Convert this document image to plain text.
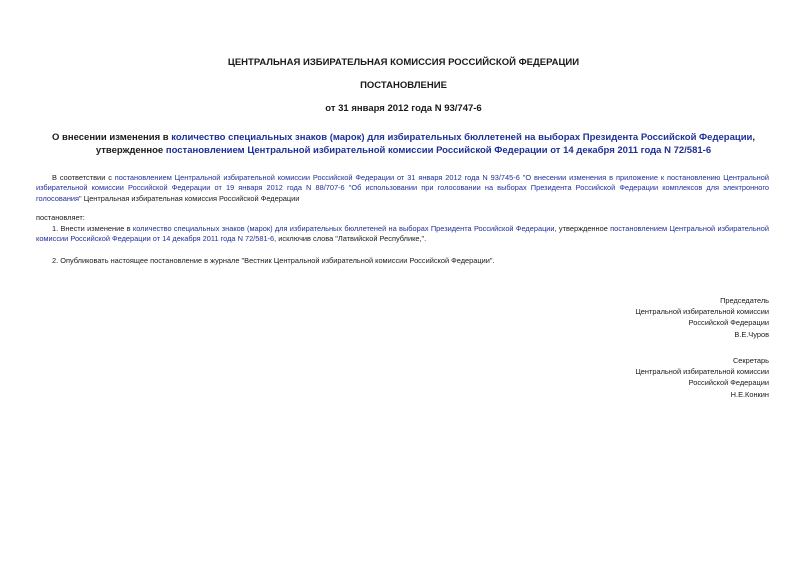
ЦЕНТРАЛЬНАЯ ИЗБИРАТЕЛЬНАЯ КОМИССИЯ РОССИЙСКОЙ ФЕДЕРАЦИИ
ПОСТАНОВЛЕНИЕ
от 31 января 2012 года N 93/747-6
О внесении изменения в количество специальных знаков (марок) для избирательных бюллетеней на выборах Президента Российской Федерации, утвержденное постановлением Центральной избирательной комиссии Российской Федерации от 14 декабря 2011 года N 72/581-6
В соответствии с постановлением Центральной избирательной комиссии Российской Федерации от 31 января 2012 года N 93/745-6 "О внесении изменения в приложение к постановлению Центральной избирательной комиссии Российской Федерации от 19 января 2012 года N 88/707-6 "Об использовании при голосовании на выборах Президента Российской Федерации комплексов для электронного голосования" Центральная избирательная комиссия Российской Федерации
постановляет:
1. Внести изменение в количество специальных знаков (марок) для избирательных бюллетеней на выборах Президента Российской Федерации, утвержденное постановлением Центральной избирательной комиссии Российской Федерации от 14 декабря 2011 года N 72/581-6, исключив слова "Латвийской Республике,".
2. Опубликовать настоящее постановление в журнале "Вестник Центральной избирательной комиссии Российской Федерации".
Председатель
Центральной избирательной комиссии
Российской Федерации
В.Е.Чуров
Секретарь
Центральной избирательной комиссии
Российской Федерации
Н.Е.Конкин
